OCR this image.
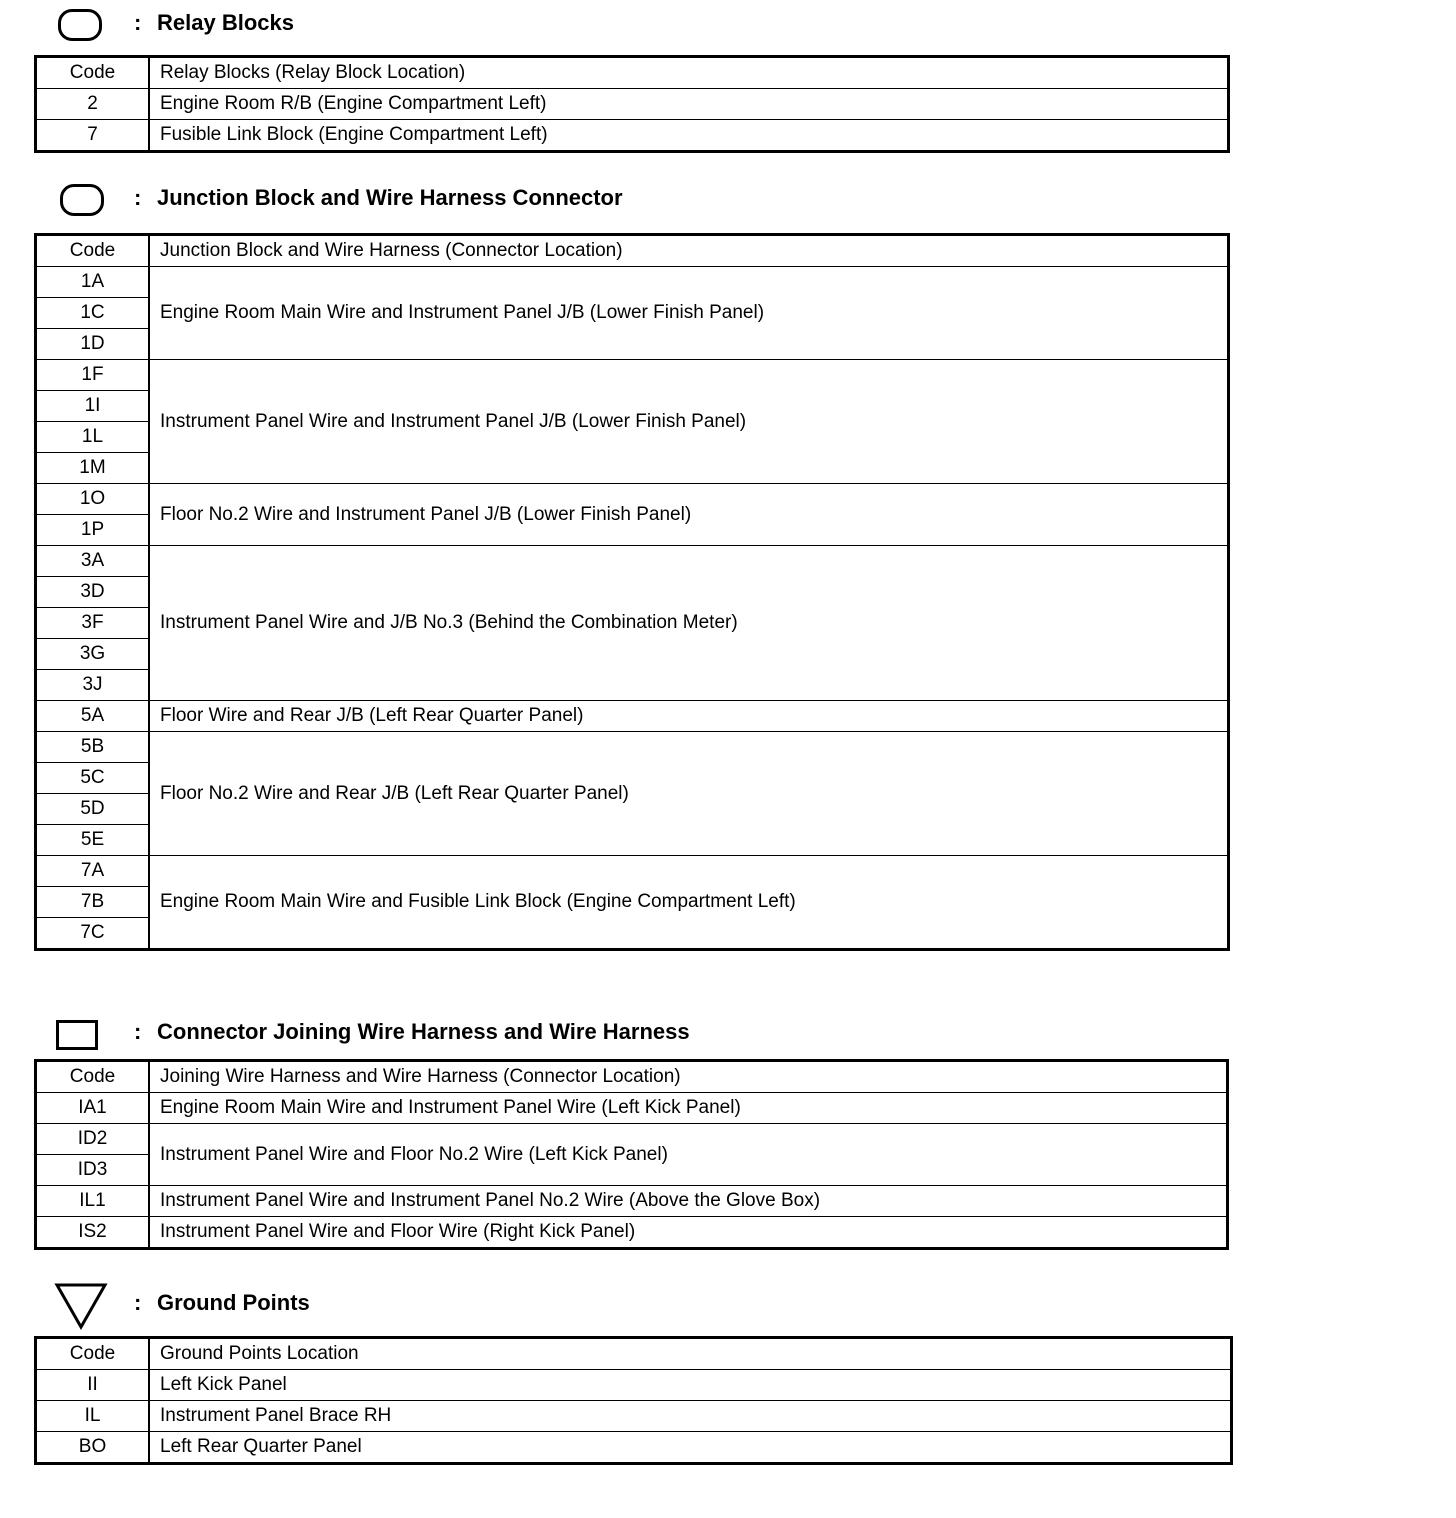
: Relay Blocks
Code	Relay Blocks (Relay Block Location)
2	Engine Room R/B (Engine Compartment Left)
7	Fusible Link Block (Engine Compartment Left)
: Junction Block and Wire Harness Connector
Code	Junction Block and Wire Harness (Connector Location)
1A	Engine Room Main Wire and Instrument Panel J/B (Lower Finish Panel)
1C	
1D	
1F	Instrument Panel Wire and Instrument Panel J/B (Lower Finish Panel)
1I	
1L	
1M	
1O	Floor No.2 Wire and Instrument Panel J/B (Lower Finish Panel)
1P	
3A	Instrument Panel Wire and J/B No.3 (Behind the Combination Meter)
3D	
3F	
3G	
3J	
5A	Floor Wire and Rear J/B (Left Rear Quarter Panel)
5B	Floor No.2 Wire and Rear J/B (Left Rear Quarter Panel)
5C	
5D	
5E	
7A	Engine Room Main Wire and Fusible Link Block (Engine Compartment Left)
7B	
7C	
: Connector Joining Wire Harness and Wire Harness
Code	Joining Wire Harness and Wire Harness (Connector Location)
IA1	Engine Room Main Wire and Instrument Panel Wire (Left Kick Panel)
ID2	Instrument Panel Wire and Floor No.2 Wire (Left Kick Panel)
ID3	
IL1	Instrument Panel Wire and Instrument Panel No.2 Wire (Above the Glove Box)
IS2	Instrument Panel Wire and Floor Wire (Right Kick Panel)
: Ground Points
Code	Ground Points Location
II	Left Kick Panel
IL	Instrument Panel Brace RH
BO	Left Rear Quarter Panel
